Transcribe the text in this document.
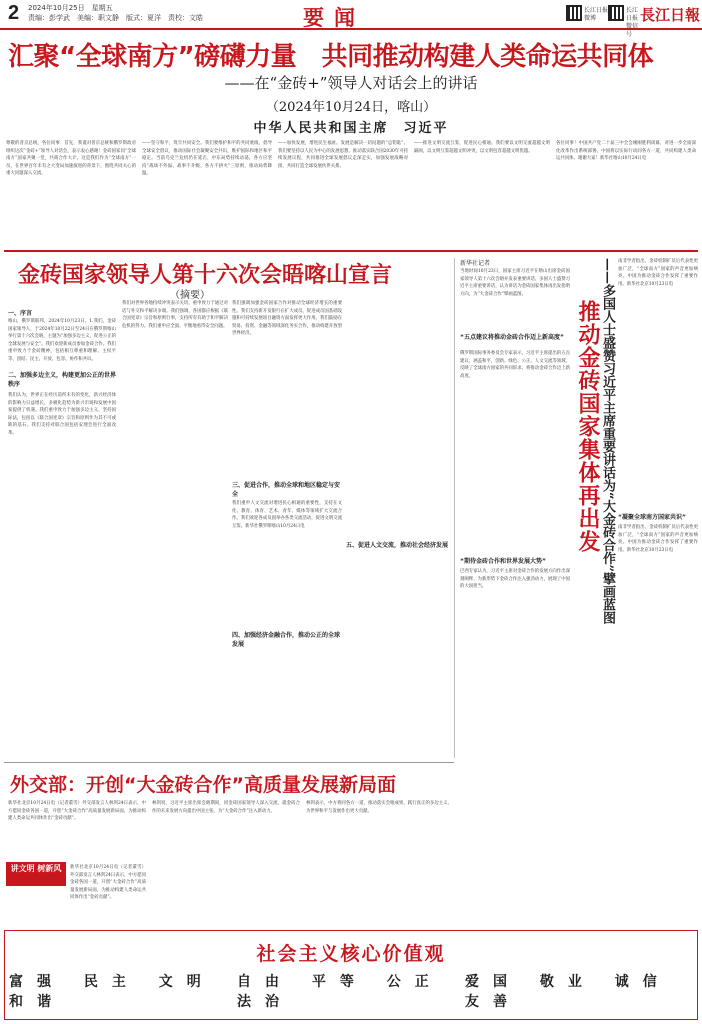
2 2024年10月25日　星期五
责编：彭学武　美编：职文静　版式：夏洋　责校：文皓	要闻	长江日报微博
长江日报微信号
長江日報
汇聚“全球南方”磅礴力量　共同推动构建人类命运共同体
——在“金砖+”领导人对话会上的讲话
（2024年10月24日，喀山）
中华人民共和国主席　习近平
尊敬的普京总统，各位同事：首先，我谨对普京总统和俄罗斯政府组织这次“金砖+”领导人对话会，表示衷心感谢！金砖国家同“全球南方”国家共聚一堂，共商合作大计。这是我们作为“全球南方”一员，在世界百年未有之大变局加速演进的背景下，围绕共同关心的重大问题深入交流。
——坚守和平，筑牢共同安全。我们要维护和平的共同底线，倡导全球安全倡议，推动国际社会凝聚安全共识，维护国际和地区和平稳定。当前乌克兰危机仍在延宕，中东局势持续动荡，各方应坚持“战场不外溢、战事不升级、各方不拱火”三原则，推动局势降温。
——加快发展，增进民生福祉。发展是解决一切问题的“总钥匙”。我们要坚持以人民为中心的发展思想，推动落实联合国2030年可持续发展议程，共同推进全球发展倡议走深走实，加强发展战略对接，共同打造全球发展伙伴关系。
——推进文明交流互鉴，促进民心相通。我们要以文明交流超越文明隔阂，以文明互鉴超越文明冲突，以文明包容超越文明优越。
各位同事！中国共产党二十届三中全会刚刚胜利闭幕，对进一步全面深化改革作出系统部署。中国将以实际行动同各方一道，共同构建人类命运共同体。谢谢大家！新华社喀山10月24日电
金砖国家领导人第十六次会晤喀山宣言
（摘要）
一、序言
喀山，俄罗斯联邦，2024年10月23日。1.我们，金砖国家领导人，于2024年10月22日至24日在俄罗斯喀山举行第十六次会晤，主题为“加强多边主义，促进公正的全球发展与安全”。我们欢迎新成员参加金砖合作。我们重申致力于金砖精神，包括相互尊重和理解、主权平等、团结、民主、开放、包容、协作和共识。
二、加强多边主义，构建更加公正的世界秩序
我们认为，世界正在经历前所未有的变化，新兴经济体的影响力日益增长，多极化趋势为新兴市场和发展中国家提供了机遇。我们重申致力于加强多边主义，坚持国际法，包括以《联合国宪章》宗旨和原则作为其不可或缺的基石。我们支持对联合国包括安理会进行全面改革。
我们对世界各地持续冲突表示关切，重申致力于通过对话与外交和平解决争端。我们强调，各国都应根据《联合国宪章》宗旨和原则行事，支持所有有助于和平解决危机的努力。我们重申应全面、平衡地看待安全问题。
三、促进合作，推动全球和地区稳定与安全
我们强调加强金砖国家合作对推动全球经济增长的重要性。我们支持新开发银行在扩大成员、促进成员国基础设施和可持续发展项目融资方面发挥更大作用。我们鼓励在贸易、投资、金融等领域深化务实合作，推动构建开放型世界经济。
四、加强经济金融合作，推动公正的全球发展
我们重申人文交流对增进民心相通的重要性，支持在文化、教育、体育、艺术、青年、媒体等领域扩大交流合作。我们欢迎各成员国举办各类交流活动，促进文明交流互鉴。新华社俄罗斯喀山10月24日电
五、促进人文交流，推动社会经济发展
新华社记者
当地时间10月23日，国家主席习近平在喀山出席金砖国家领导人第十六次会晤并发表重要讲话。多国人士盛赞习近平主席重要讲话，认为讲话为金砖国家集体再出发指明方向，为“大金砖合作”擘画蓝图。
“五点建议将推动金砖合作迈上新高度”
俄罗斯国际事务委员会专家表示，习近平主席提出的五点建议，涵盖和平、创新、绿色、公正、人文交流等领域，反映了全球南方国家的共同诉求，将推动金砖合作迈上新高度。
“期待金砖合作和世界发展大势”
巴西专家认为，习近平主席对金砖合作的发展方向作出深刻阐释，为新形势下金砖合作注入强劲动力，展现了中国的大国担当。
推动金砖国家集体再出发 ——多国人士盛赞习近平主席重要讲话为“大金砖合作”擘画蓝图 南非学者指出，金砖机制扩员后代表性更加广泛，“全球南方”国家的声音更加响亮。中国为推动金砖合作发挥了重要作用。新华社北京10月23日电
“凝聚全球南方国家共识”
南非学者指出，金砖机制扩员后代表性更加广泛，“全球南方”国家的声音更加响亮。中国为推动金砖合作发挥了重要作用。新华社北京10月23日电
外交部：开创“大金砖合作”高质量发展新局面
新华社北京10月24日电（记者董雪）外交部发言人林剑24日表示，中方愿同金砖各国一道，开创“大金砖合作”高质量发展新局面，为推动构建人类命运共同体作出“金砖贡献”。
新华社北京10月24日电（记者董雪）外交部发言人林剑24日表示，中方愿同金砖各国一道，开创“大金砖合作”高质量发展新局面，为推动构建人类命运共同体作出“金砖贡献”。
林剑说，习近平主席出席会晤期间，同金砖国家领导人深入交流，就金砖合作的未来发展方向提出中国主张，为“大金砖合作”注入新动力。
林剑表示，中方将同各方一道，推动落实会晤成果，践行真正的多边主义，为世界和平与发展作出更大贡献。
讲文明 树新风
社会主义核心价值观
富强 民主 文明 和谐
自由 平等 公正 法治
爱国 敬业 诚信 友善
